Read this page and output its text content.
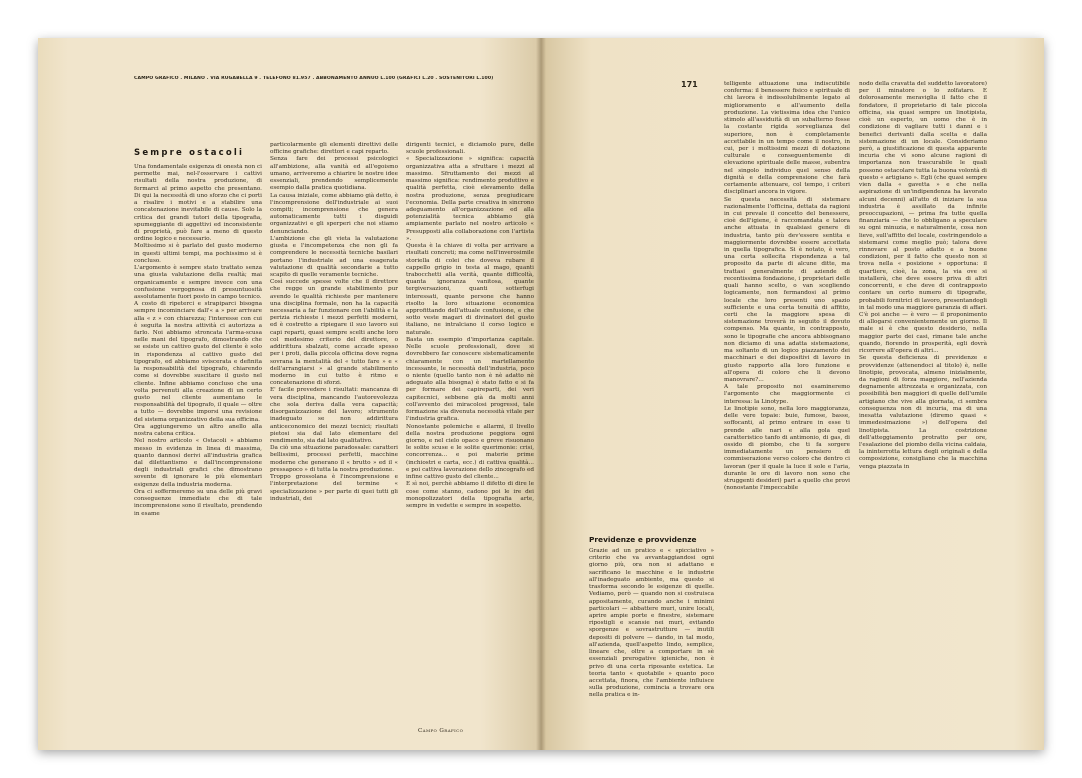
CAMPO GRAFICO . MILANO . VIA RUGABELLA 9 . TELEFONO 81.957 . ABBONAMENTO ANNUO L.100 (GRAFICI L.20 . SOSTENITORI L.100)
Sempre ostacoli
Una fondamentale esigenza di onestà non ci permette mai, nel-l'osservare i cattivi risultati della nostra produzione, di fermarci al primo aspetto che presentano. Di qui la necessità di uno sforzo che ci porti a risalire i motivi e a stabilire una concatenazione inevitabile di cause. Solo la critica dei grandi tutori della tipografia, spumeggiante di aggettivi ed inconsistente di proprietà, può fare a meno di questo ordine logico e necessario.
Moltissimo si è parlato del gusto moderno in questi ultimi tempi, ma pochissimo si è concluso.
L'argomento è sempre stato trattato senza una giusta valutazione della realtà; mai organicamente e sempre invece con una confusione vergognosa di presuntuosità assolutamente fuori posto in campo tecnico.
A costo di ripeterci e strapiparci bisogna sempre incominciare dall'« a » per arrivare alla « z » con chiarezza; l'interesse con cui è seguita la nostra attività ci autorizza a farlo. Noi abbiamo stroncata l'arma-scusa nelle mani del tipografo, dimostrando che se esiste un cattivo gusto del cliente è solo in rispondenza al cattivo gusto del tipografo, ed abbiamo sviscerata e definita la responsabilità del tipografo, chiarendo come si dovrebbe suscitare il gusto nel cliente. Infine abbiamo concluso che una volta pervenuti alla creazione di un certo gusto nel cliente aumentano le responsabilità del tipografo, il quale — oltre a tutto — dovrebbe imporsi una revisione del sistema organizzativo della sua officina.
Ora aggiungeremo un altro anello alla nostra catena critica.
Nel nostro articolo « Ostacoli » abbiamo messo in evidenza in linea di massima, quanto dannosi derivi all'industria grafica dal dilettantismo e dall'incomprensione degli industriali grafici che dimostrano sovente di ignorare le più elementari esigenze della industria moderna.
Ora ci soffermeremo su una delle più gravi conseguenze immediate che di tale incomprensione sono il risultato, prendendo in esame
particolarmente gli elementi direttivi delle officine grafiche: direttori e capi reparto.
Senza fare dei processi psicologici all'ambizione, alla vanità ed all'egoismo umano, arriveremo a chiarire le nostre idee essenziali, prendendo semplicemente esempio dalla pratica quotidiana.
La causa iniziale, come abbiamo già detto, è l'incomprensione dell'industriale ai suoi compiti; incomprensione che genera automaticamente tutti i disguidi organizzativi e gli sperperi che noi stiamo denunciando.
L'ambizione che gli vieta la valutazione giusta e l'incompetenza che non gli fa comprendere le necessità tecniche basilari portano l'industriale ad una esagerata valutazione di qualità secondarie a tutto scapito di quelle veramente tecniche.
Così succede spesse volte che il direttore che regge un grande stabilimento pur avendo le qualità richieste per mantenere una disciplina formale, non ha la capacità necessaria a far funzionare con l'abilità e la perizia richieste i mezzi perfetti moderni, ed è costretto a ripiegare il suo lavoro sui capi reparti, quasi sempre scelti anche loro col medesimo criterio del direttore, o addirittura sbalzati, come accade spesso per i proti, dalla piccola officina dove regna sovrana la mentalità del « tutto fare » e « dell'arrangiarsi » al grande stabilimento moderno in cui tutto è ritmo e concatenazione di sforzi.
E' facile prevedere i risultati: mancanza di vera disciplina, mancando l'autorevolezza che sola deriva dalla vera capacità; disorganizzazione del lavoro; strumento inadeguato se non addirittura anticeconomico dei mezzi tecnici; risultati pietosi sia dal lato elementare del rendimento, sia dal lato qualitativo.
Da ciò una situazione paradossale: caratteri bellissimi, processi perfetti, macchine moderne che generano il « brutto » ed il « pressapoco » di tutta la nostra produzione.
Troppo grossolana è l'incomprensione e l'interpretazione del termine « specializzazione » per parte di quei tutti gli industriali, dei
dirigenti tecnici, e diciamolo pure, delle scuole professionali.
« Specializzazione » significa: capacità organizzativa atta a sfruttare i mezzi al massimo. Sfruttamento dei mezzi al massimo significa: rendimento produttivo e qualità perfetta, cioè elevamento della nostra produzione, senza pregiudicare l'economia. Della parte creativa in sincrono adeguamento all'organizzazione ed alla potenzialità tecnica abbiamo già ampiamente parlato nel nostro articolo « Presupposti alla collaborazione con l'artista ».
Questa è la chiave di volta per arrivare a risultati concreti; ma come nell'inverosimile storiella di colei che doveva rubare il cappello grigio in testa al mago, quanti trabocchetti alla verità, quante difficoltà, quanta ignoranza vanitosa, quante tergiversazioni, quanti sotterfugi interessati, quante persone che hanno risolto la loro situazione economica approfittando dell'attuale confusione, e che sotto veste magari di divinatori del gusto italiano, ne intralciano il corso logico e naturale.
Basta un esempio d'importanza capitale. Nelle scuole professionali, dove si dovrebbero far conoscere sistematicamente chiaramente con un martellamento incessante, le necessità dell'industria, poco o niente (quello tanto non è nè adatto nè adeguato alla bisogna) è stato fatto e si fa per formare dei capireparti, dei veri capitecnici, sebbene già da molti anni coll'avvento dei miracolosi progressi, tale formazione sia divenuta necessità vitale per l'industria grafica.
Nonostante polemiche e allarmi, il livello della nostra produzione peggiora ogni giorno, e nel cielo opaco e greve risuonano le solite scuse e le solite querimonie: crisi, concorrenza... e poi materie prime (inchiostri e carta, ecc.) di cattiva qualità... e poi cattiva lavorazione dello zincografo ed infine cattivo gusto del cliente...
E sì noi, perchè abbiamo il difetto di dire le cose come stanno, cadono poi le ire dei monopolizzatori della tipografia arte, sempre in vedette e sempre in sospetto.
Campo Grafico
171
Previdenze e provvidenze
Grazie ad un pratico e « spicciativo » criterio che va avvantaggiandosi ogni giorno più, ora non si adattano e sacrificano le macchine e le industrie all'inadeguato ambiente, ma questo si trasforma secondo le esigenze di quelle. Vediamo, però — quando non si costruisca appositamente, curando anche i minimi particolari — abbattere muri, unire locali, aprire ampie porte e finestre, sistemare ripostigli e scansie nei muri, evitando sporgenze e sovrastrutture — inutili depositi di polvere — dando, in tal modo, all'azienda, quell'aspetto lindo, semplice, lineare che, oltre a comportare in sè essenziali prerogative igieniche, non è privo di una certa riposante estetica. Le teoria tanto « quotabile » quanto poco accettata, finora, che l'ambiente influisce sulla produzione, comincia a trovare ora nella pratica e in-
telligente attuazione una indiscutibile conferma: il benessere fisico e spirituale di chi lavora è indissolubilmente legato al miglioramento e all'aumento della produzione. La vietissima idea che l'unico stimolo all'assiduità di un subalterno fosse la costante rigida sorveglianza del superiore, non è completamente accettabile in un tempo come il nostro, in cui, per i moltissimi mezzi di dotazione culturale e conseguentemente di elevazione spirituale delle masse, subentra nel singolo individuo quel senso della dignità e della comprensione che farà certamente attenuare, col tempo, i criteri disciplinari ancora in vigore.
Se questa necessità di sistemare razionalmente l'officina, dettata da ragioni in cui prevale il concetto del benessere, cioè dell'igiene, è raccomandata e talora anche attuata in qualsiasi genere di industria, tanto più dev'essere sentita e maggiormente dovrebbe essere accettata in quella tipografica. Si è notato, è vero, una certa sollecita rispondenza a tal proposito da parte di alcune ditte, ma trattasi generalmente di aziende di recentissima fondazione, i proprietari delle quali hanno scelto, o van scegliendo logicamente, non fermandosi al primo locale che loro presenti uno spazio sufficiente e una certa tenuità di affitto, certi che la maggiore spesa di sistemazione troverà in seguito il dovuto compenso. Ma quante, in contrapposto, sono le tipografie che ancora abbisognano non diciamo di una adatta sistemazione, ma soltanto di un logico piazzamento dei macchinari e dei dispositivi di lavoro in giusto rapporto alla loro funzione e all'opera di coloro che li devono manovrare?...
A tale proposito noi esamineremo l'argomento che maggiormente ci interessa: la Linotype.
Le linotipie sono, nella loro maggioranza, delle vere topaie: buie, fumose, basse, soffocanti, al primo entrare in esse ti prende alle nari e alla gola quel caratteristico tanfo di antimonio, di gas, di ossido di piombo, che ti fa sorgere immediatamente un pensiero di commiserazione verso coloro che dentro ci lavoran (per il quale la luce il sole e l'aria, durante le ore di lavoro non sono che struggenti desideri) pari a quello che provi (nonostante l'impeccabile
nodo della cravatta del suddetto lavoratore) per il minatore o lo zolfataro. E dolorosamente meraviglia il fatto che il fondatore, il proprietario di tale piccola officina, sia quasi sempre un linotipista, cioè un esperto, un uomo che è in condizione di vagliare tutti i danni e i benefici derivanti dalla scelta e dalla sistemazione di un locale. Consideriamo però, a giustificazione di questa apparente incuria che vi sono alcune ragioni di importanza non trascurabile le quali possono ostacolare tutta la buona volontà di questo « artigiano ». Egli (che quasi sempre vien dalla « gavetta » e che nella aspirazione di un'indipendenza ha lavorato alcuni decenni) all'atto di iniziare la sua industria è assillato da infinite preoccupazioni, — prima fra tutte quella finanziaria — che lo obbligano a speculare su ogni minuzia, e naturalmente, cosa non lieve, sull'affitto del locale, costringendolo a sistemarsi come meglio può; talora deve rinnovare al posto adatto e a buone condizioni, per il fatto che questo non si trova nella « posizione » opportuna: il quartiere, cioè, la zona, la via ove si installerà, che deve essere priva di altri concorrenti, e che deve di contrapposto contare un certo numero di tipografie, probabili fornitrici di lavoro, presentandogli in tal modo una maggiore garanzia di affari. C'è poi anche — è vero — il proponimento di allogarsi convenientemente un giorno. Il male si è che questo desiderio, nella maggior parte dei casi, rimane tale anche quando, fiorendo in prosperità, egli dovrà ricorrere all'opera di altri...
Se questa deficienza di previdenze e provvidenze (attenendoci al titolo) è, nelle linotipie, provocata, almeno inizialmente, da ragioni di forza maggiore, nell'azienda degnamente attrezzata e organizzata, con possibilità ben maggiori di quelle dell'umile artigiano che vive alla giornata, ci sembra conseguenza non di incuria, ma di una inesatta valutazione (diremo quasi « immedesimazione ») dell'opera del linotipista. La costrizione dell'atteggiamento protratto per ore, l'esalazione del piombo della vicina caldaia, la ininterrotta lettura degli originali e della composizione, consigliano che la macchina venga piazzata in
